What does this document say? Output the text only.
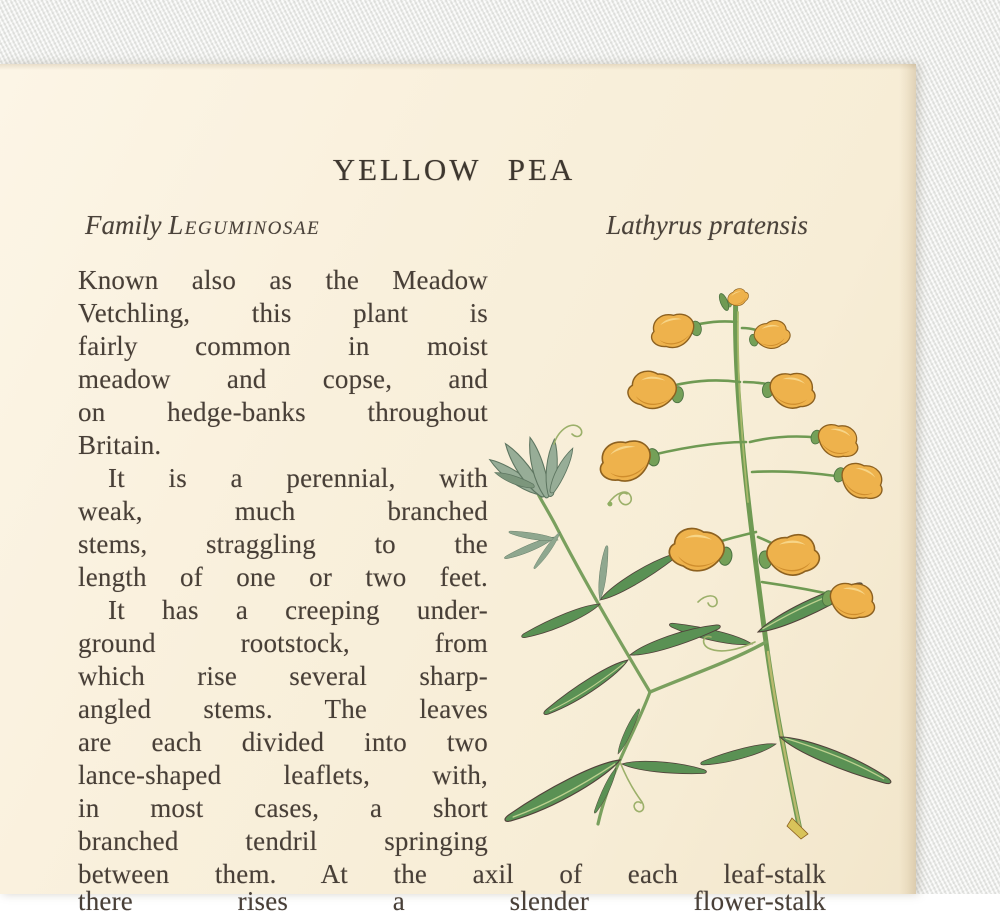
YELLOW PEA
Family Leguminosae	Lathyrus pratensis
Known also as the Meadow
Vetchling, this plant is
fairly common in moist
meadow and copse, and
on hedge-banks throughout
Britain.
It is a perennial, with
weak, much branched
stems, straggling to the
length of one or two feet.
It has a creeping under-
ground rootstock, from
which rise several sharp-
angled stems. The leaves
are each divided into two
lance-shaped leaflets, with,
in most cases, a short
branched tendril springing
between them. At the axil of each leaf-stalk
there rises a slender flower-stalk
